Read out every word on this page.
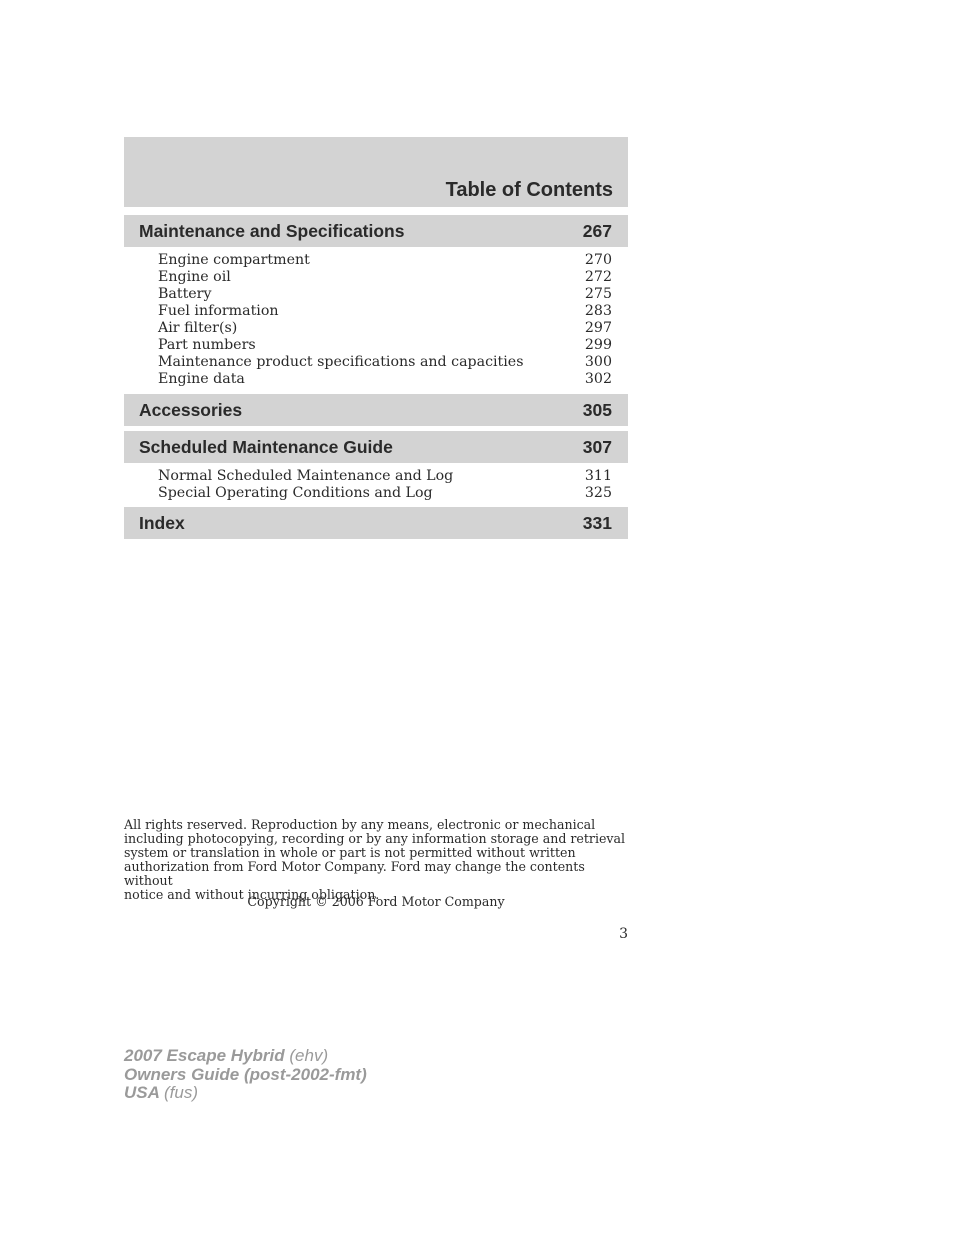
Table of Contents
Maintenance and Specifications	267
Engine compartment	270
Engine oil	272
Battery	275
Fuel information	283
Air filter(s)	297
Part numbers	299
Maintenance product specifications and capacities	300
Engine data	302
Accessories	305
Scheduled Maintenance Guide	307
Normal Scheduled Maintenance and Log	311
Special Operating Conditions and Log	325
Index	331
All rights reserved. Reproduction by any means, electronic or mechanical
including photocopying, recording or by any information storage and retrieval
system or translation in whole or part is not permitted without written
authorization from Ford Motor Company. Ford may change the contents without
notice and without incurring obligation.
Copyright © 2006 Ford Motor Company
3
2007 Escape Hybrid (ehv)
Owners Guide (post-2002-fmt)
USA (fus)
